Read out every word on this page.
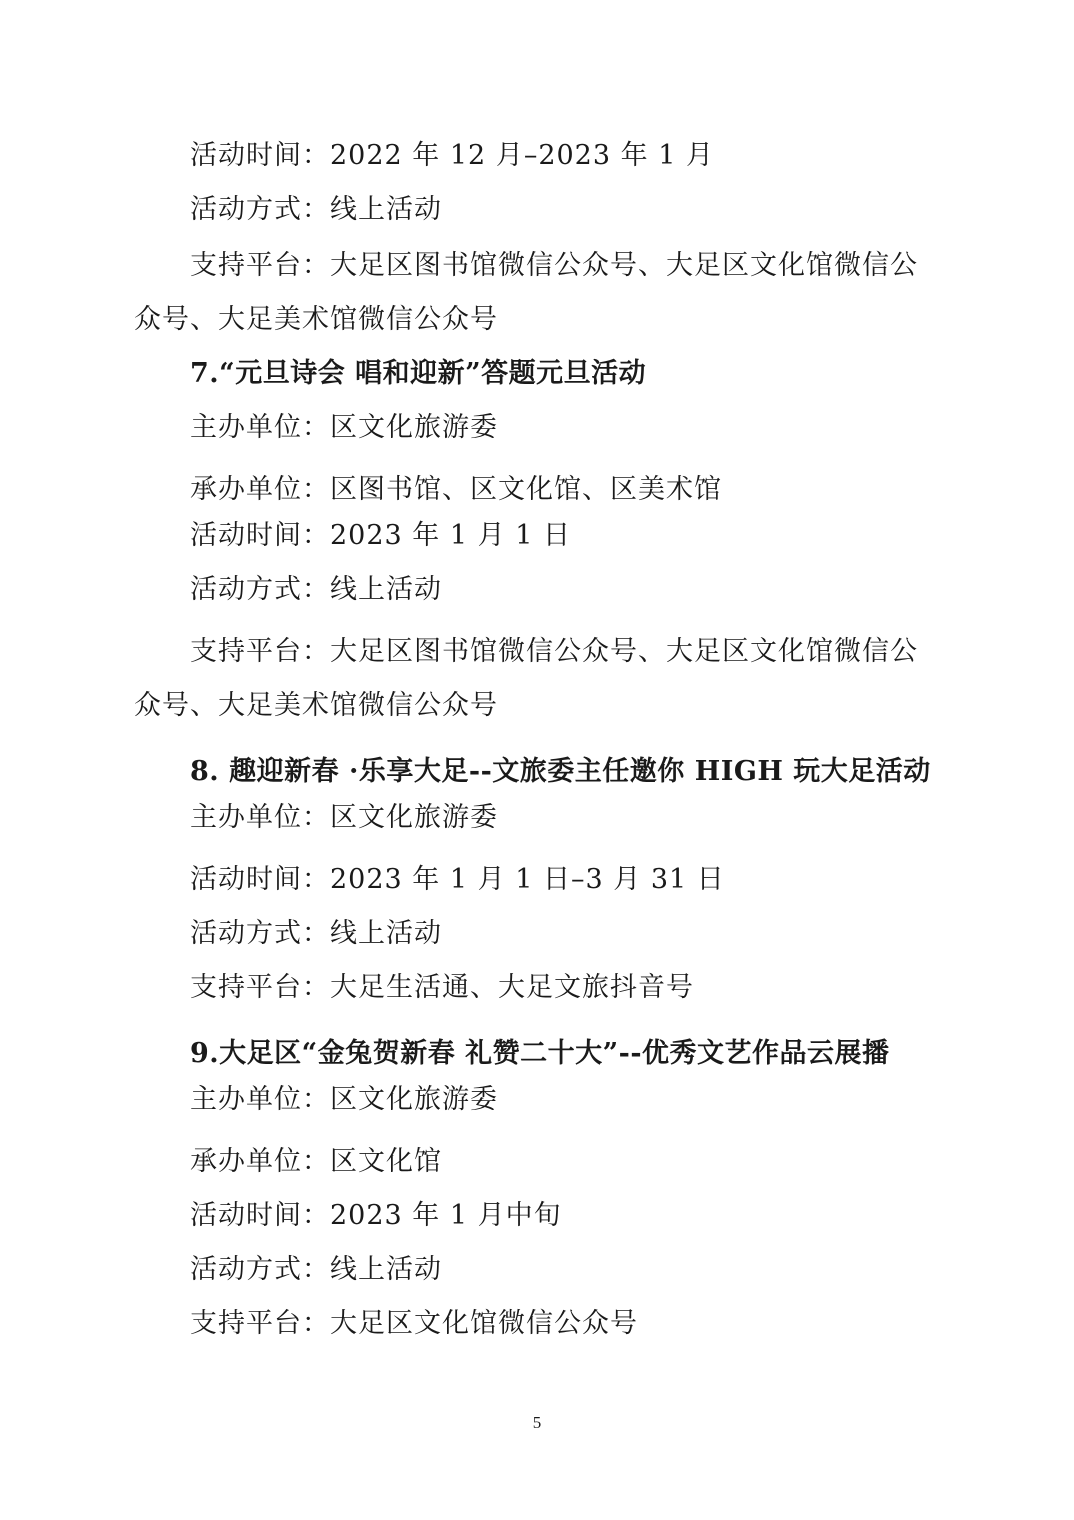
活动时间：2022 年 12 月–2023 年 1 月
活动方式：线上活动
支持平台：大足区图书馆微信公众号、大足区文化馆微信公
众号、大足美术馆微信公众号
7.“元旦诗会 唱和迎新”答题元旦活动
主办单位：区文化旅游委
承办单位：区图书馆、区文化馆、区美术馆
活动时间：2023 年 1 月 1 日
活动方式：线上活动
支持平台：大足区图书馆微信公众号、大足区文化馆微信公
众号、大足美术馆微信公众号
8. 趣迎新春 ·乐享大足--文旅委主任邀你 HIGH 玩大足活动
主办单位：区文化旅游委
活动时间：2023 年 1 月 1 日–3 月 31 日
活动方式：线上活动
支持平台：大足生活通、大足文旅抖音号
9.大足区“金兔贺新春 礼赞二十大”--优秀文艺作品云展播
主办单位：区文化旅游委
承办单位：区文化馆
活动时间：2023 年 1 月中旬
活动方式：线上活动
支持平台：大足区文化馆微信公众号
5
